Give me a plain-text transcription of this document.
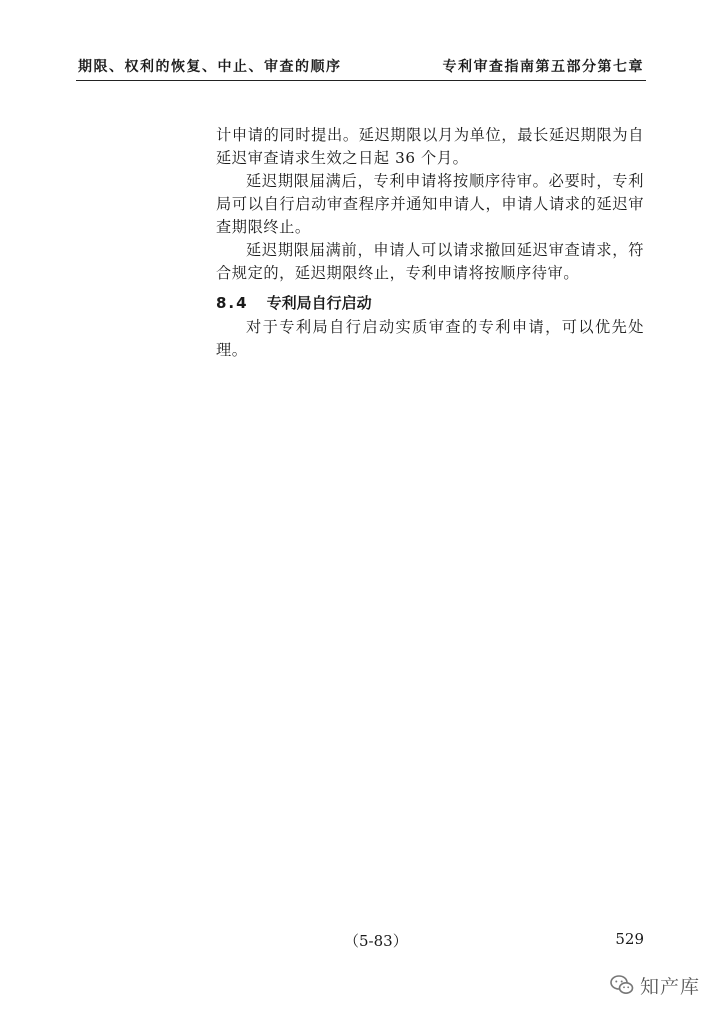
期限、权利的恢复、中止、审查的顺序	专利审查指南第五部分第七章

计申请的同时提出。延迟期限以月为单位，最长延迟期限为自延迟审查请求生效之日起 36 个月。

延迟期限届满后，专利申请将按顺序待审。必要时，专利局可以自行启动审查程序并通知申请人，申请人请求的延迟审查期限终止。

延迟期限届满前，申请人可以请求撤回延迟审查请求，符合规定的，延迟期限终止，专利申请将按顺序待审。

8.4 专利局自行启动

对于专利局自行启动实质审查的专利申请，可以优先处理。

（5-83）	529
知产库
